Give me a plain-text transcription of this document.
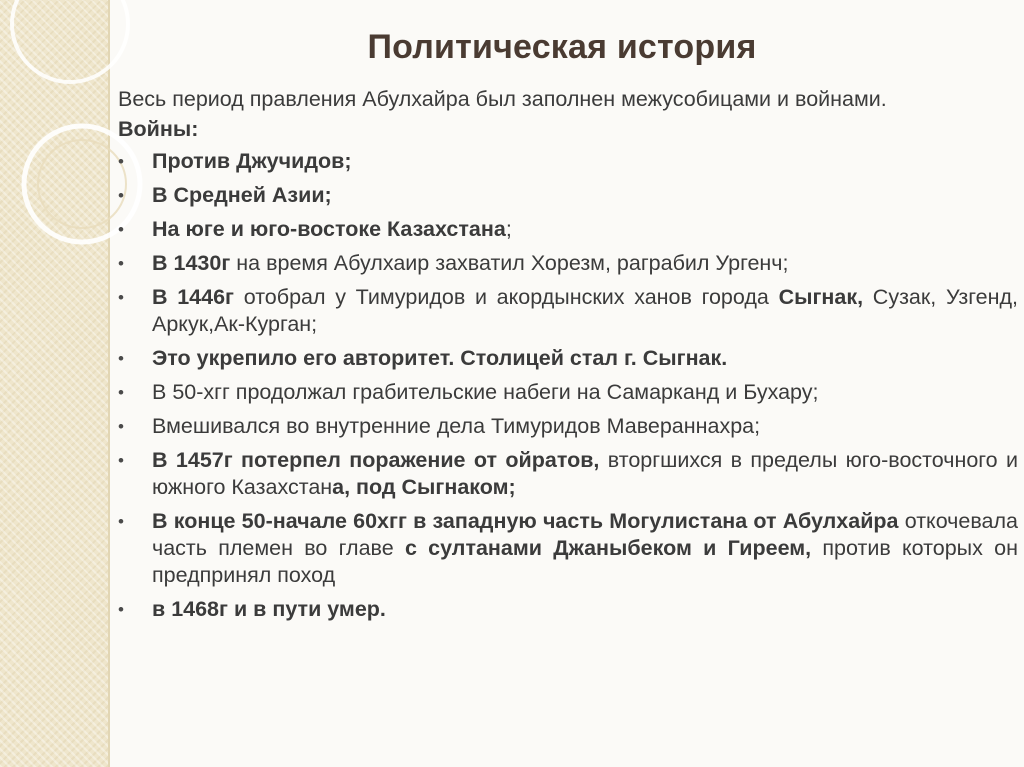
Политическая история

Весь период правления Абулхайра был заполнен межусобицами и войнами.

Войны:

• Против Джучидов;
• В Средней Азии;
• На юге и юго-востоке Казахстана;
• В 1430г на время Абулхаир захватил Хорезм, раграбил Ургенч;
• В 1446г отобрал у Тимуридов и акордынских ханов города Сыгнак, Сузак, Узгенд, Аркук,Ак-Курган;
• Это укрепило его авторитет. Столицей стал г. Сыгнак.
• В 50-хгг продолжал грабительские набеги на Самарканд и Бухару;
• Вмешивался во внутренние дела Тимуридов Мавераннахра;
• В 1457г потерпел поражение от ойратов, вторгшихся в пределы юго-восточного и южного Казахстана, под Сыгнаком;
• В конце 50-начале 60хгг в западную часть Могулистана от Абулхайра откочевала часть племен во главе с султанами Джаныбеком и Гиреем, против которых он предпринял поход
• в 1468г и в пути умер.
